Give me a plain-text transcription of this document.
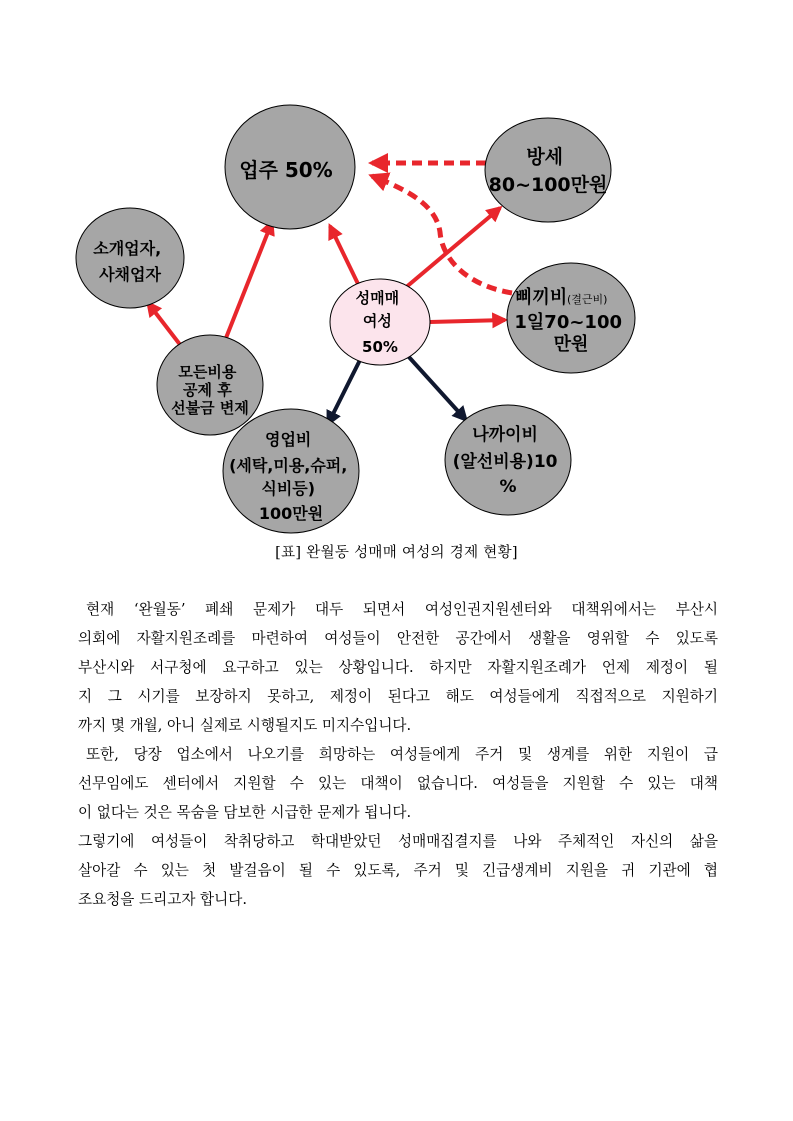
업주 50%
방세 80~100만원
소개업자, 사채업자
삐끼비 (결근비) 1일70~100 만원
성매매 여성 50%
모든비용 공제 후 선불금 변제
영업비 (세탁,미용,슈퍼, 식비등) 100만원
나까이비 (알선비용)10 %
[표] 완월동 성매매 여성의 경제 현황]

현재 ‘완월동’ 폐쇄 문제가 대두 되면서 여성인권지원센터와 대책위에서는 부산시

의회에 자활지원조례를 마련하여 여성들이 안전한 공간에서 생활을 영위할 수 있도록

부산시와 서구청에 요구하고 있는 상황입니다. 하지만 자활지원조례가 언제 제정이 될

지 그 시기를 보장하지 못하고, 제정이 된다고 해도 여성들에게 직접적으로 지원하기

까지 몇 개월, 아니 실제로 시행될지도 미지수입니다.

또한, 당장 업소에서 나오기를 희망하는 여성들에게 주거 및 생계를 위한 지원이 급

선무임에도 센터에서 지원할 수 있는 대책이 없습니다. 여성들을 지원할 수 있는 대책

이 없다는 것은 목숨을 담보한 시급한 문제가 됩니다.

그렇기에 여성들이 착취당하고 학대받았던 성매매집결지를 나와 주체적인 자신의 삶을

살아갈 수 있는 첫 발걸음이 될 수 있도록, 주거 및 긴급생계비 지원을 귀 기관에 협

조요청을 드리고자 합니다.
